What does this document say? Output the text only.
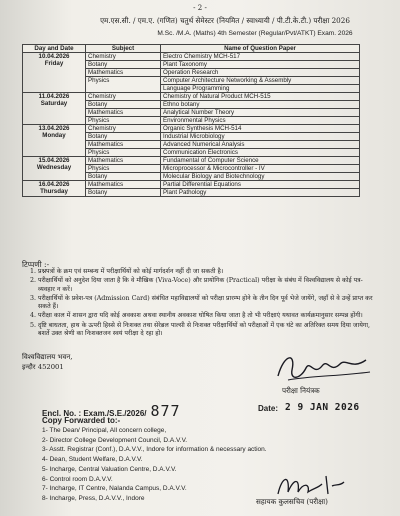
- 2 -
एम.एस.सी. / एम.ए. (गणित) चतुर्थ सेमेस्टर (नियमित / स्वाध्यायी / पी.टी.के.टी.) परीक्षा 2026
M.Sc. /M.A. (Maths) 4th Semester (Regular/Pvt/ATKT) Exam. 2026
Day and Date	Subject	Name of Question Paper

10.04.2026
Friday	Chemistry	Electro Chemistry MCH-517
	Botany	Plant Taxonomy
	Mathematics	Operation Research
	Physics	Computer Architecture Networking & Assembly
		Language Programming

11.04.2026
Saturday	Chemistry	Chemistry of Natural Product MCH-515
	Botany	Ethno botany
	Mathematics	Analytical Number Theory
	Physics	Environmental Physics

13.04.2026
Monday	Chemistry	Organic Synthesis MCH-514
	Botany	Industrial Microbiology
	Mathematics	Advanced Numerical Analysis
	Physics	Communication Electronics

15.04.2026
Wednesday	Mathematics	Fundamental of Computer Science
	Physics	Microprocessor & Microcontroller - IV
	Botany	Molecular Biology and Biotechnology

16.04.2026
Thursday	Mathematics	Partial Differential Equations
	Botany	Plant Pathology
टिप्पणी :-
1. प्रश्नपत्रों के क्रम एवं सम्बन्ध में परीक्षार्थियों को कोई मार्गदर्शन नहीं दी जा सकती है।
2. परीक्षार्थियों को अनुदेश दिया जाता है कि वे मौखिक (Viva-Voce) और प्रायोगिक (Practical) परीक्षा के संबंध में विश्वविद्यालय से कोई पत्र-व्यवहार न करें।
3. परीक्षार्थियों के प्रवेश-पत्र (Admission Card) संबंधित महाविद्यालयों को परीक्षा प्रारम्भ होने के तीन दिन पूर्व भेजे जायेंगे, जहाँ से वे उन्हें प्राप्त कर सकते हैं।
4. परीक्षा काल में शासन द्वारा यदि कोई अवकाश अथवा स्थानीय अवकाश घोषित किया जाता है तो भी परीक्षाएं यथावत कार्यक्रमानुसार सम्पन्न होंगी।
5. दृष्टि बाधतता, हाथ के ऊपरी हिस्से से निःशक्त तथा सेरेब्रल पाल्सी से निःशक्त परीक्षार्थियों को परीक्षाओं में एक घंटे का अतिरिक्त समय दिया जायेगा, बशर्ते उक्त श्रेणी का निःशक्तजन स्वयं परीक्षा दे रहा हो।
विश्वविद्यालय भवन,
इन्दौर 452001
परीक्षा नियंत्रक
Encl. No. : Exam./S.E./2026/ 877	Date: 2 9 JAN 2026
Copy Forwarded to:-
1- The Dean/ Principal, All concern college,
2- Director College Development Council, D.A.V.V.
3- Asstt. Registrar (Conf.), D.A.V.V., Indore for information & necessary action.
4- Dean, Student Welfare, D.A.V.V.
5- Incharge, Central Valuation Centre, D.A.V.V.
6- Control room D.A.V.V.
7- Incharge, IT Centre, Nalanda Campus, D.A.V.V.
8- Incharge, Press, D.A.V.V., Indore	सहायक कुलसचिव (परीक्षा)
